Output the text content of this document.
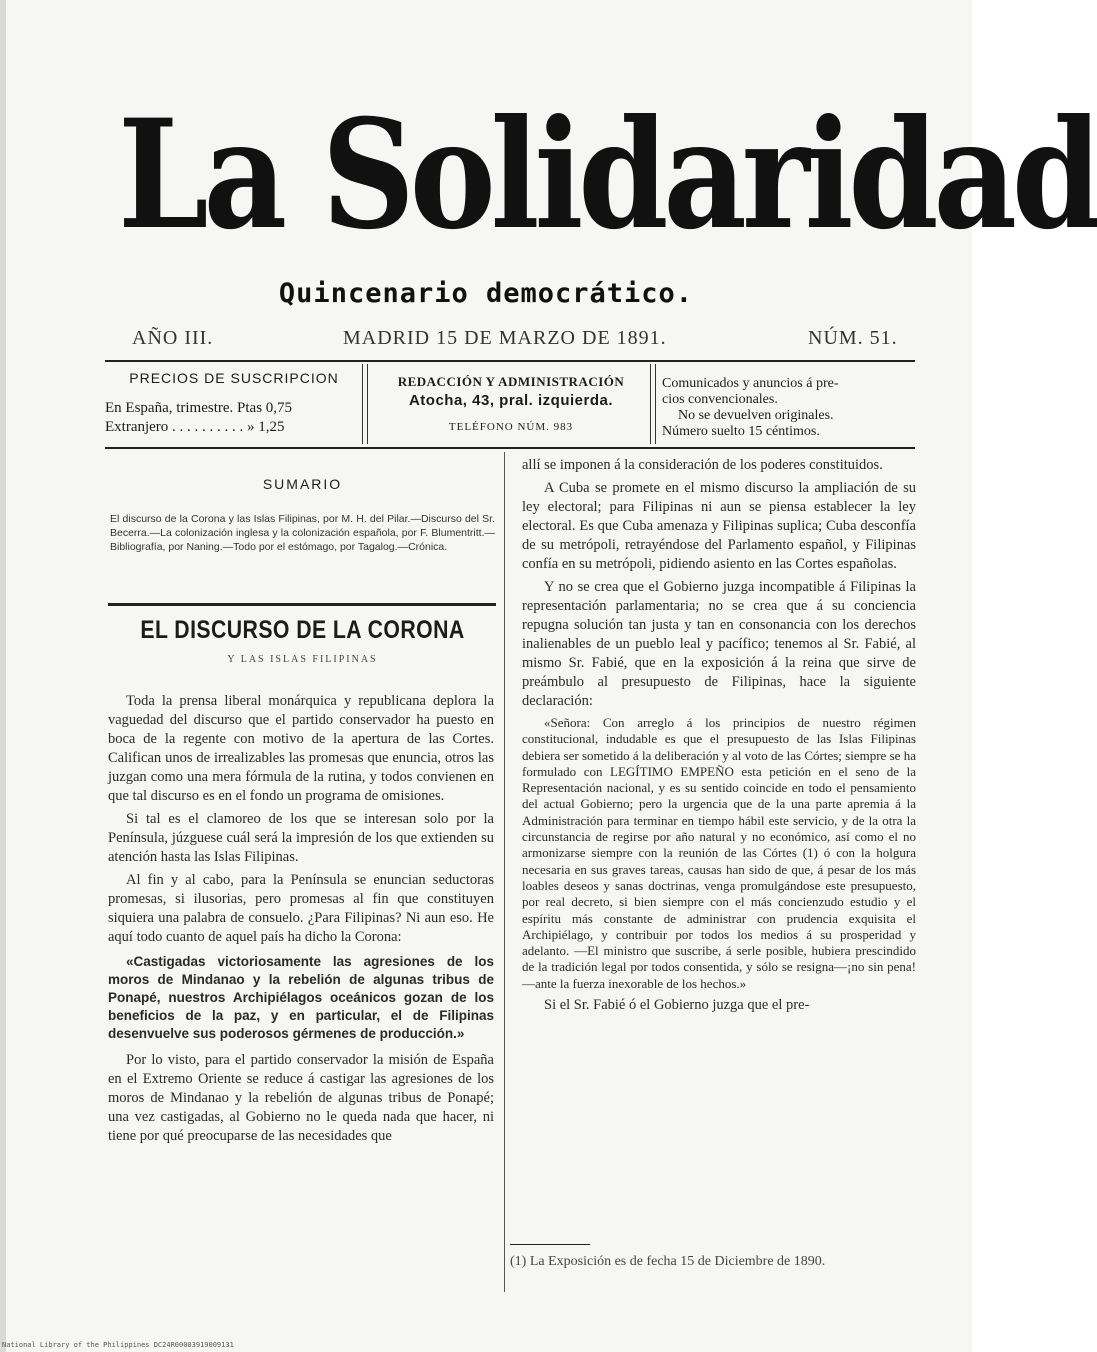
La Solidaridad
Quincenario democrático.
AÑO III.	MADRID 15 DE MARZO DE 1891.	NÚM. 51.
PRECIOS DE SUSCRIPCION
En España, trimestre. Ptas 0,75
Extranjero . . . . . . . . . . » 1,25
REDACCIÓN Y ADMINISTRACIÓN
Atocha, 43, pral. izquierda.
TELÉFONO NÚM. 983
Comunicados y anuncios á pre-
cios convencionales.
No se devuelven originales.
Número suelto 15 céntimos.
SUMARIO
El discurso de la Corona y las Islas Filipinas, por M. H. del Pilar.—Discurso del Sr. Becerra.—La colonización inglesa y la colonización española, por F. Blumentritt.—Bibliografía, por Naning.—Todo por el estómago, por Tagalog.—Crónica.
EL DISCURSO DE LA CORONA
Y LAS ISLAS FILIPINAS

Toda la prensa liberal monárquica y republicana deplora la vaguedad del discurso que el partido conservador ha puesto en boca de la regente con motivo de la apertura de las Cortes. Califican unos de irrealizables las promesas que enuncia, otros las juzgan como una mera fórmula de la rutina, y todos convienen en que tal discurso es en el fondo un programa de omisiones.

Si tal es el clamoreo de los que se interesan solo por la Península, júzguese cuál será la impresión de los que extienden su atención hasta las Islas Filipinas.

Al fin y al cabo, para la Península se enuncian seductoras promesas, si ilusorias, pero promesas al fin que constituyen siquiera una palabra de consuelo. ¿Para Filipinas? Ni aun eso. He aquí todo cuanto de aquel país ha dicho la Corona:

«Castigadas victoriosamente las agresiones de los moros de Mindanao y la rebelión de algunas tribus de Ponapé, nuestros Archipiélagos oceánicos gozan de los beneficios de la paz, y en particular, el de Filipinas desenvuelve sus poderosos gérmenes de producción.»

Por lo visto, para el partido conservador la misión de España en el Extremo Oriente se reduce á castigar las agresiones de los moros de Mindanao y la rebelión de algunas tribus de Ponapé; una vez castigadas, al Gobierno no le queda nada que hacer, ni tiene por qué preocuparse de las necesidades que

allí se imponen á la consideración de los poderes constituidos.

A Cuba se promete en el mismo discurso la ampliación de su ley electoral; para Filipinas ni aun se piensa establecer la ley electoral. Es que Cuba amenaza y Filipinas suplica; Cuba desconfía de su metrópoli, retrayéndose del Parlamento español, y Filipinas confía en su metrópoli, pidiendo asiento en las Cortes españolas.

Y no se crea que el Gobierno juzga incompatible á Filipinas la representación parlamentaria; no se crea que á su conciencia repugna solución tan justa y tan en consonancia con los derechos inalienables de un pueblo leal y pacífico; tenemos al Sr. Fabié, al mismo Sr. Fabié, que en la exposición á la reina que sirve de preámbulo al presupuesto de Filipinas, hace la siguiente declaración:

«Señora: Con arreglo á los principios de nuestro régimen constitucional, indudable es que el presupuesto de las Islas Filipinas debiera ser sometido á la deliberación y al voto de las Córtes; siempre se ha formulado con LEGÍTIMO EMPEÑO esta petición en el seno de la Representación nacional, y es su sentido coincide en todo el pensamiento del actual Gobierno; pero la urgencia que de la una parte apremia á la Administración para terminar en tiempo hábil este servicio, y de la otra la circunstancia de regirse por año natural y no económico, así como el no armonizarse siempre con la reunión de las Córtes (1) ó con la holgura necesaria en sus graves tareas, causas han sido de que, á pesar de los más loables deseos y sanas doctrinas, venga promulgándose este presupuesto, por real decreto, si bien siempre con el más concienzudo estudio y el espíritu más constante de administrar con prudencia exquisita el Archipiélago, y contribuir por todos los medios á su prosperidad y adelanto. —El ministro que suscribe, á serle posible, hubiera prescindido de la tradición legal por todos consentida, y sólo se resigna—¡no sin pena!—ante la fuerza inexorable de los hechos.»

Si el Sr. Fabié ó el Gobierno juzga que el pre-

(1) La Exposición es de fecha 15 de Diciembre de 1890.
National Library of the Philippines DC24R00003919009131
